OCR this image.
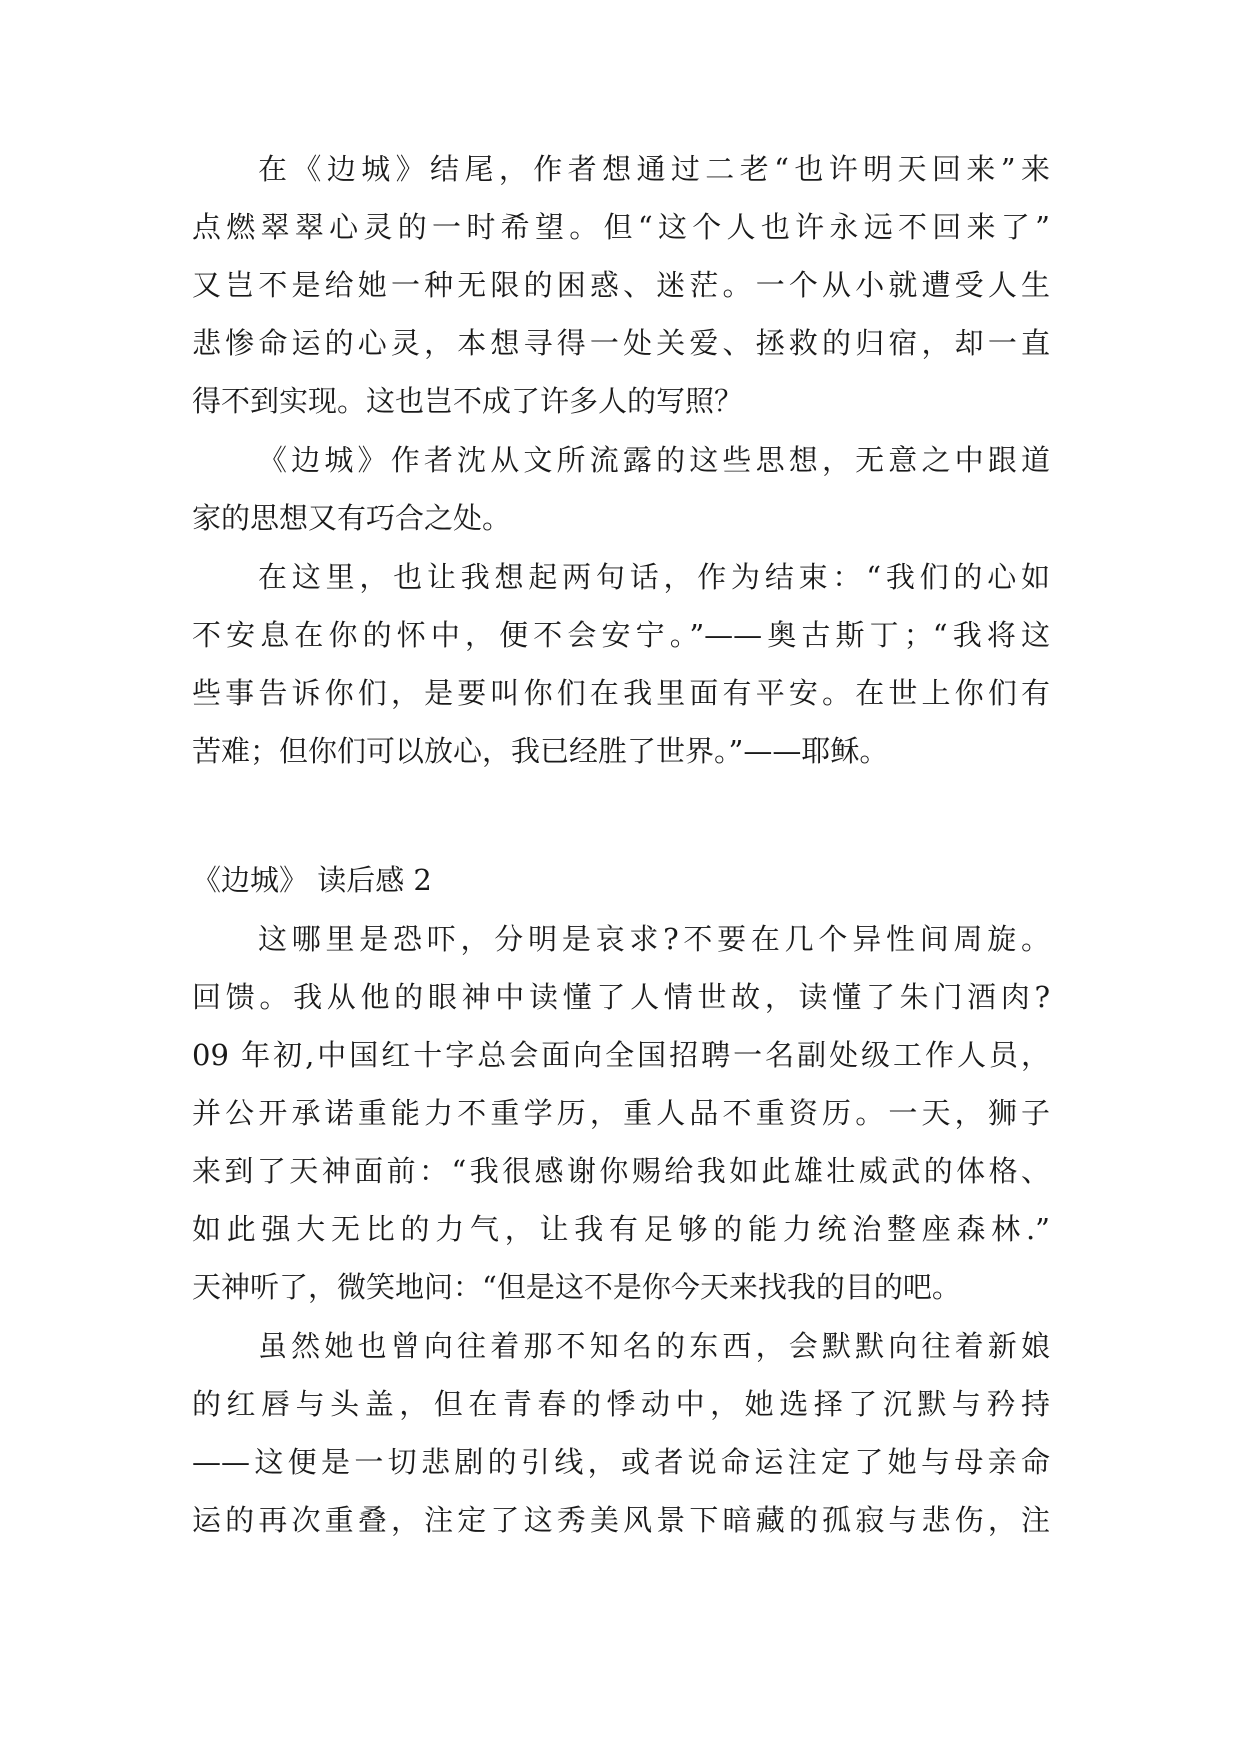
在《边城》结尾，作者想通过二老“也许明天回来”来
点燃翠翠心灵的一时希望。但“这个人也许永远不回来了”
又岂不是给她一种无限的困惑、迷茫。一个从小就遭受人生
悲惨命运的心灵，本想寻得一处关爱、拯救的归宿，却一直
得不到实现。这也岂不成了许多人的写照？
《边城》作者沈从文所流露的这些思想，无意之中跟道
家的思想又有巧合之处。
在这里，也让我想起两句话，作为结束：“我们的心如
不安息在你的怀中，便不会安宁。”——奥古斯丁；“我将这
些事告诉你们，是要叫你们在我里面有平安。在世上你们有
苦难；但你们可以放心，我已经胜了世界。”——耶稣。
《边城》 读后感 2
这哪里是恐吓，分明是哀求?不要在几个异性间周旋。
回馈。我从他的眼神中读懂了人情世故，读懂了朱门酒肉?
09 年初,中国红十字总会面向全国招聘一名副处级工作人员，
并公开承诺重能力不重学历，重人品不重资历。一天，狮子
来到了天神面前：“我很感谢你赐给我如此雄壮威武的体格、
如此强大无比的力气，让我有足够的能力统治整座森林.”
天神听了，微笑地问：“但是这不是你今天来找我的目的吧。
虽然她也曾向往着那不知名的东西，会默默向往着新娘
的红唇与头盖，但在青春的悸动中，她选择了沉默与矜持
——这便是一切悲剧的引线，或者说命运注定了她与母亲命
运的再次重叠，注定了这秀美风景下暗藏的孤寂与悲伤，注
